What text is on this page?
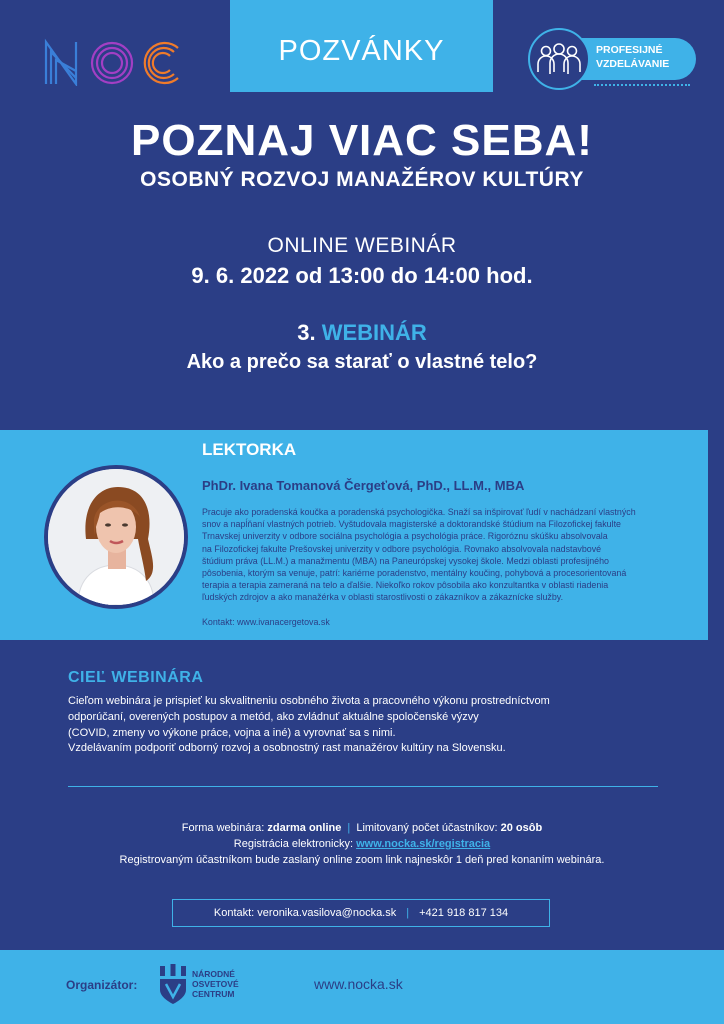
POZVÁNKY	PROFESIJNÉ
VZDELÁVANIE
POZNAJ VIAC SEBA!
OSOBNÝ ROZVOJ MANAŽÉROV KULTÚRY
ONLINE WEBINÁR
9. 6. 2022 od 13:00 do 14:00 hod.
3. WEBINÁR
Ako a prečo sa starať o vlastné telo?
LEKTORKA
PhDr. Ivana Tomanová Čergeťová, PhD., LL.M., MBA
Pracuje ako poradenská koučka a poradenská psychologička. Snaží sa inšpirovať ľudí v nachádzaní vlastných
snov a napĺňaní vlastných potrieb. Vyštudovala magisterské a doktorandské štúdium na Filozofickej fakulte
Trnavskej univerzity v odbore sociálna psychológia a psychológia práce. Rigoróznu skúšku absolvovala
na Filozofickej fakulte Prešovskej univerzity v odbore psychológia. Rovnako absolvovala nadstavbové
štúdium práva (LL.M.) a manažmentu (MBA) na Paneurópskej vysokej škole. Medzi oblasti profesijného
pôsobenia, ktorým sa venuje, patrí: kariérne poradenstvo, mentálny koučing, pohybová a procesorientovaná
terapia a terapia zameraná na telo a ďalšie. Niekoľko rokov pôsobila ako konzultantka v oblasti riadenia
ľudských zdrojov a ako manažérka v oblasti starostlivosti o zákazníkov a zákaznícke služby.
Kontakt: www.ivanacergetova.sk
CIEĽ WEBINÁRA
Cieľom webinára je prispieť ku skvalitneniu osobného života a pracovného výkonu prostredníctvom
odporúčaní, overených postupov a metód, ako zvládnuť aktuálne spoločenské výzvy
(COVID, zmeny vo výkone práce, vojna a iné) a vyrovnať sa s nimi.
Vzdelávaním podporiť odborný rozvoj a osobnostný rast manažérov kultúry na Slovensku.
Forma webinára: zdarma online | Limitovaný počet účastníkov: 20 osôb
Registrácia elektronicky: www.nocka.sk/registracia
Registrovaným účastníkom bude zaslaný online zoom link najneskôr 1 deň pred konaním webinára.
Kontakt: veronika.vasilova@nocka.sk | +421 918 817 134
Organizátor:
NÁRODNÉ
OSVETOVÉ
CENTRUM
www.nocka.sk
